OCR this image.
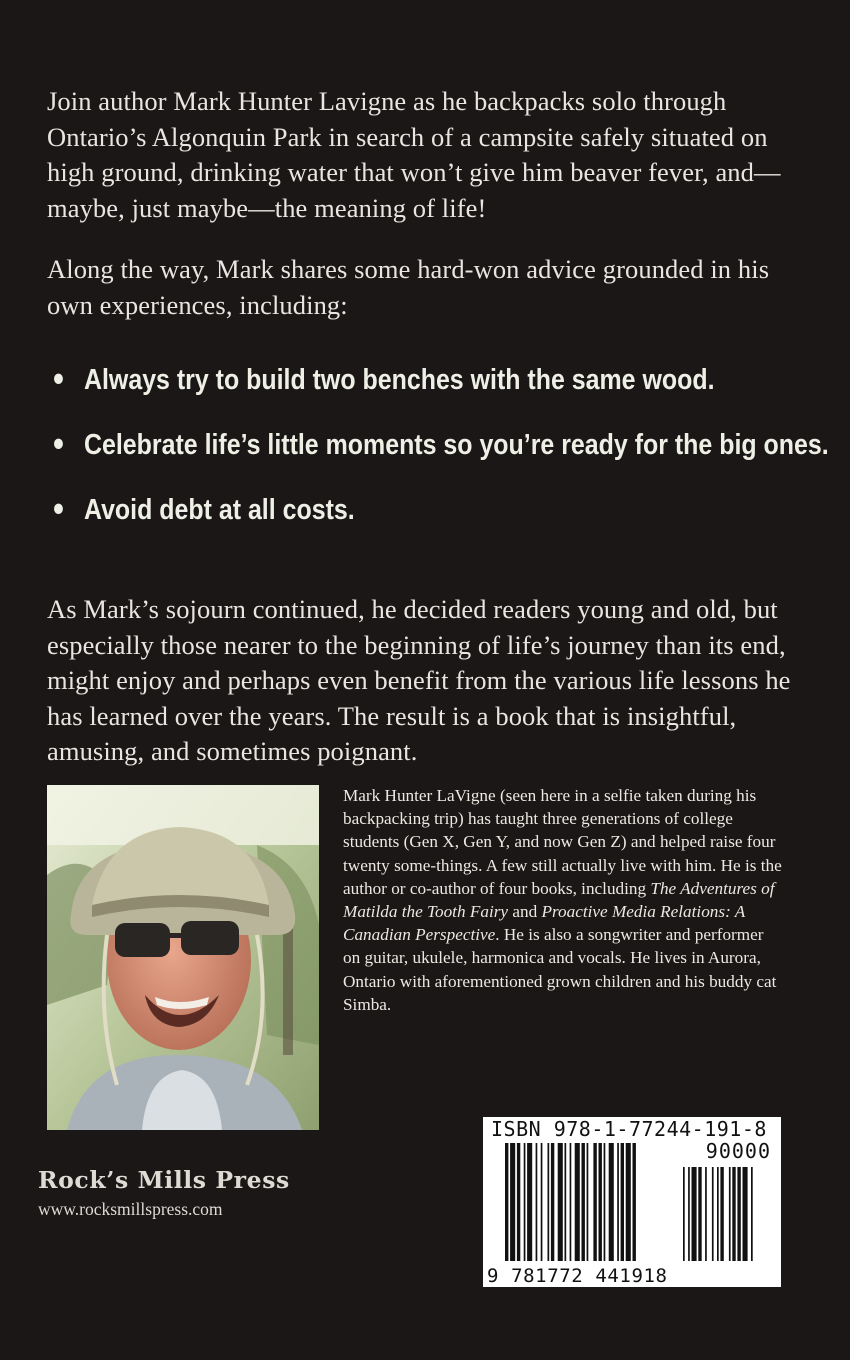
Join author Mark Hunter Lavigne as he backpacks solo through Ontario’s Algonquin Park in search of a campsite safely situated on high ground, drinking water that won’t give him beaver fever, and—maybe, just maybe—the meaning of life!

Along the way, Mark shares some hard-won advice grounded in his own experiences, including:

• Always try to build two benches with the same wood.
• Celebrate life’s little moments so you’re ready for the big ones.
• Avoid debt at all costs.

As Mark’s sojourn continued, he decided readers young and old, but especially those nearer to the beginning of life’s journey than its end, might enjoy and perhaps even benefit from the various life lessons he has learned over the years. The result is a book that is insightful, amusing, and sometimes poignant.

Mark Hunter LaVigne (seen here in a selfie taken during his backpacking trip) has taught three generations of college students (Gen X, Gen Y, and now Gen Z) and helped raise four twenty some-things. A few still actually live with him. He is the author or co-author of four books, including The Adventures of Matilda the Tooth Fairy and Proactive Media Relations: A Canadian Perspective. He is also a songwriter and performer on guitar, ukulele, harmonica and vocals. He lives in Aurora, Ontario with aforementioned grown children and his buddy cat Simba.

Rock’s Mills Press
www.rocksmillspress.com
ISBN 978-1-77244-191-8
90000
9 781772 441918
